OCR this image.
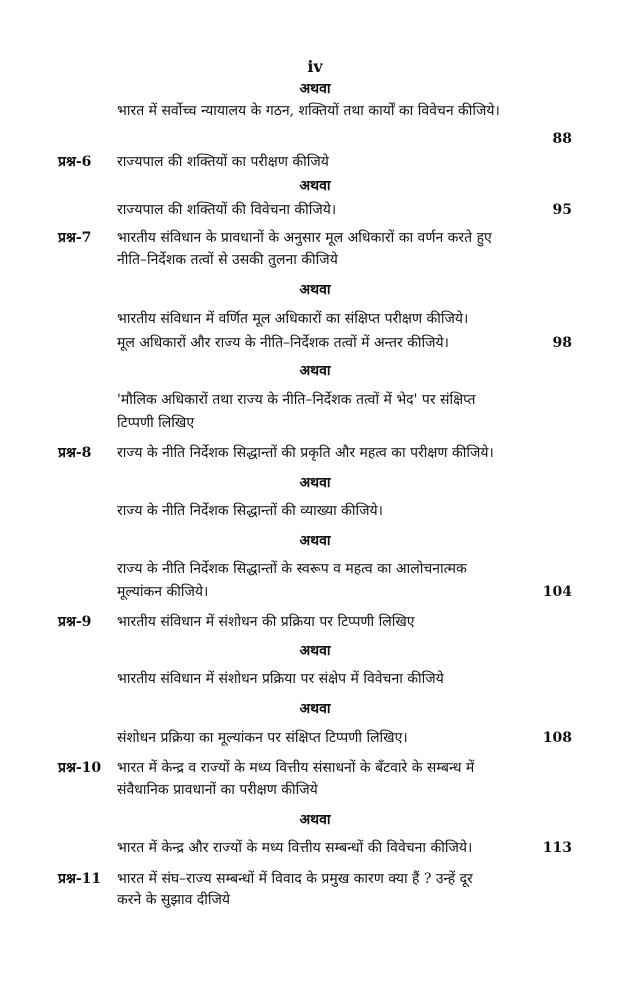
iv
अथवा
भारत में सर्वोच्च न्यायालय के गठन, शक्तियों तथा कार्यों का विवेचन कीजिये।
88
प्रश्न-6 राज्यपाल की शक्तियों का परीक्षण कीजिये
अथवा
राज्यपाल की शक्तियों की विवेचना कीजिये।	95
प्रश्न-7 भारतीय संविधान के प्रावधानों के अनुसार मूल अधिकारों का वर्णन करते हुए
नीति–निर्देशक तत्वों से उसकी तुलना कीजिये
अथवा
भारतीय संविधान में वर्णित मूल अधिकारों का संक्षिप्त परीक्षण कीजिये।
मूल अधिकारों और राज्य के नीति–निर्देशक तत्वों में अन्तर कीजिये।	98
अथवा
'मौलिक अधिकारों तथा राज्य के नीति–निर्देशक तत्वों में भेद' पर संक्षिप्त
टिप्पणी लिखिए
प्रश्न-8 राज्य के नीति निर्देशक सिद्धान्तों की प्रकृति और महत्व का परीक्षण कीजिये।
अथवा
राज्य के नीति निर्देशक सिद्धान्तों की व्याख्या कीजिये।
अथवा
राज्य के नीति निर्देशक सिद्धान्तों के स्वरूप व महत्व का आलोचनात्मक
मूल्यांकन कीजिये।	104
प्रश्न-9 भारतीय संविधान में संशोधन की प्रक्रिया पर टिप्पणी लिखिए
अथवा
भारतीय संविधान में संशोधन प्रक्रिया पर संक्षेप में विवेचना कीजिये
अथवा
संशोधन प्रक्रिया का मूल्यांकन पर संक्षिप्त टिप्पणी लिखिए।	108
प्रश्न-10 भारत में केन्द्र व राज्यों के मध्य वित्तीय संसाधनों के बँटवारे के सम्बन्ध में
संवैधानिक प्रावधानों का परीक्षण कीजिये
अथवा
भारत में केन्द्र और राज्यों के मध्य वित्तीय सम्बन्धों की विवेचना कीजिये।	113
प्रश्न-11 भारत में संघ–राज्य सम्बन्धों में विवाद के प्रमुख कारण क्या हैं ? उन्हें दूर
करने के सुझाव दीजिये
